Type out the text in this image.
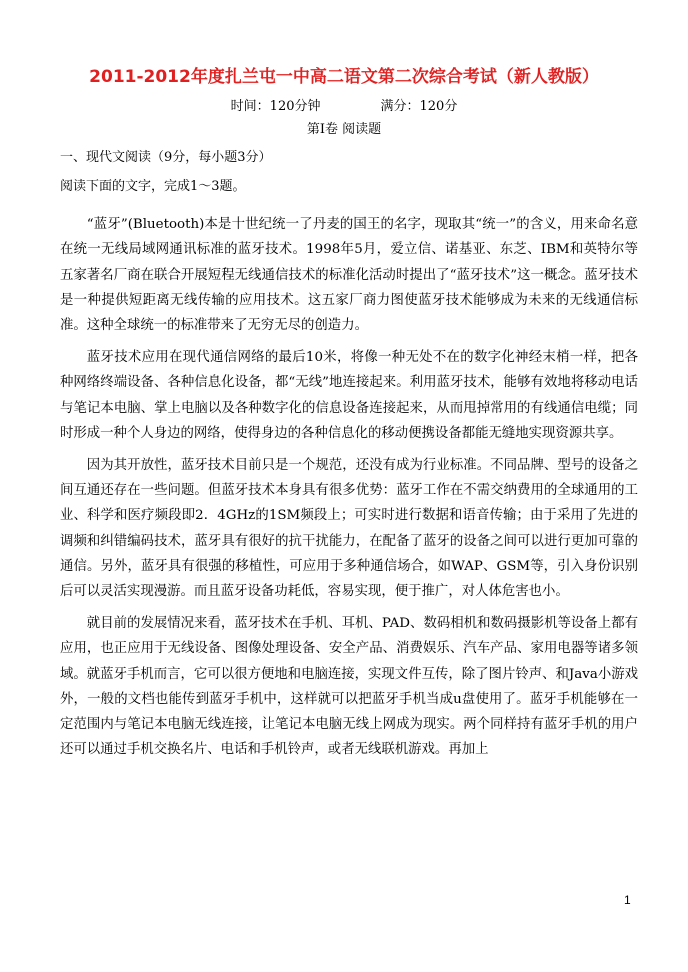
2011-2012年度扎兰屯一中高二语文第二次综合考试（新人教版）
时间：120分钟	满分：120分
第Ⅰ卷 阅读题
一、现代文阅读（9分，每小题3分）
阅读下面的文字，完成1～3题。

“蓝牙”(Bluetooth)本是十世纪统一了丹麦的国王的名字，现取其“统一”的含义，用来命名意在统一无线局域网通讯标准的蓝牙技术。1998年5月，爱立信、诺基亚、东芝、IBM和英特尔等五家著名厂商在联合开展短程无线通信技术的标准化活动时提出了“蓝牙技术”这一概念。蓝牙技术是一种提供短距离无线传输的应用技术。这五家厂商力图使蓝牙技术能够成为未来的无线通信标准。这种全球统一的标准带来了无穷无尽的创造力。

蓝牙技术应用在现代通信网络的最后10米，将像一种无处不在的数字化神经末梢一样，把各种网络终端设备、各种信息化设备，都“无线”地连接起来。利用蓝牙技术，能够有效地将移动电话与笔记本电脑、掌上电脑以及各种数字化的信息设备连接起来，从而甩掉常用的有线通信电缆；同时形成一种个人身边的网络，使得身边的各种信息化的移动便携设备都能无缝地实现资源共享。

因为其开放性，蓝牙技术目前只是一个规范，还没有成为行业标准。不同品牌、型号的设备之间互通还存在一些问题。但蓝牙技术本身具有很多优势：蓝牙工作在不需交纳费用的全球通用的工业、科学和医疗频段即2．4GHz的1SM频段上；可实时进行数据和语音传输；由于采用了先进的调频和纠错编码技术，蓝牙具有很好的抗干扰能力，在配备了蓝牙的设备之间可以进行更加可靠的通信。另外，蓝牙具有很强的移植性，可应用于多种通信场合，如WAP、GSM等，引入身份识别后可以灵活实现漫游。而且蓝牙设备功耗低，容易实现，便于推广，对人体危害也小。

就目前的发展情况来看，蓝牙技术在手机、耳机、PAD、数码相机和数码摄影机等设备上都有应用，也正应用于无线设备、图像处理设备、安全产品、消费娱乐、汽车产品、家用电器等诸多领域。就蓝牙手机而言，它可以很方便地和电脑连接，实现文件互传，除了图片铃声、和Java小游戏外，一般的文档也能传到蓝牙手机中，这样就可以把蓝牙手机当成u盘使用了。蓝牙手机能够在一定范围内与笔记本电脑无线连接，让笔记本电脑无线上网成为现实。两个同样持有蓝牙手机的用户还可以通过手机交换名片、电话和手机铃声，或者无线联机游戏。再加上

1
